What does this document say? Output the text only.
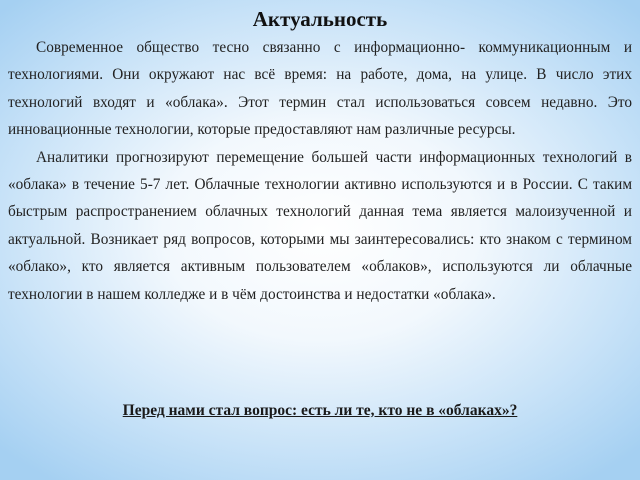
Актуальность

Современное общество тесно связанно с информационно- коммуникационным и технологиями. Они окружают нас всё время: на работе, дома, на улице. В число этих технологий входят и «облака». Этот термин стал использоваться совсем недавно. Это инновационные технологии, которые предоставляют нам различные ресурсы.

Аналитики прогнозируют перемещение большей части информационных технологий в «облака» в течение 5-7 лет. Облачные технологии активно используются и в России. С таким быстрым распространением облачных технологий данная тема является малоизученной и актуальной. Возникает ряд вопросов, которыми мы заинтересовались: кто знаком с термином «облако», кто является активным пользователем «облаков», используются ли облачные технологии в нашем колледже и в чём достоинства и недостатки «облака».

Перед нами стал вопрос: есть ли те, кто не в «облаках»?
